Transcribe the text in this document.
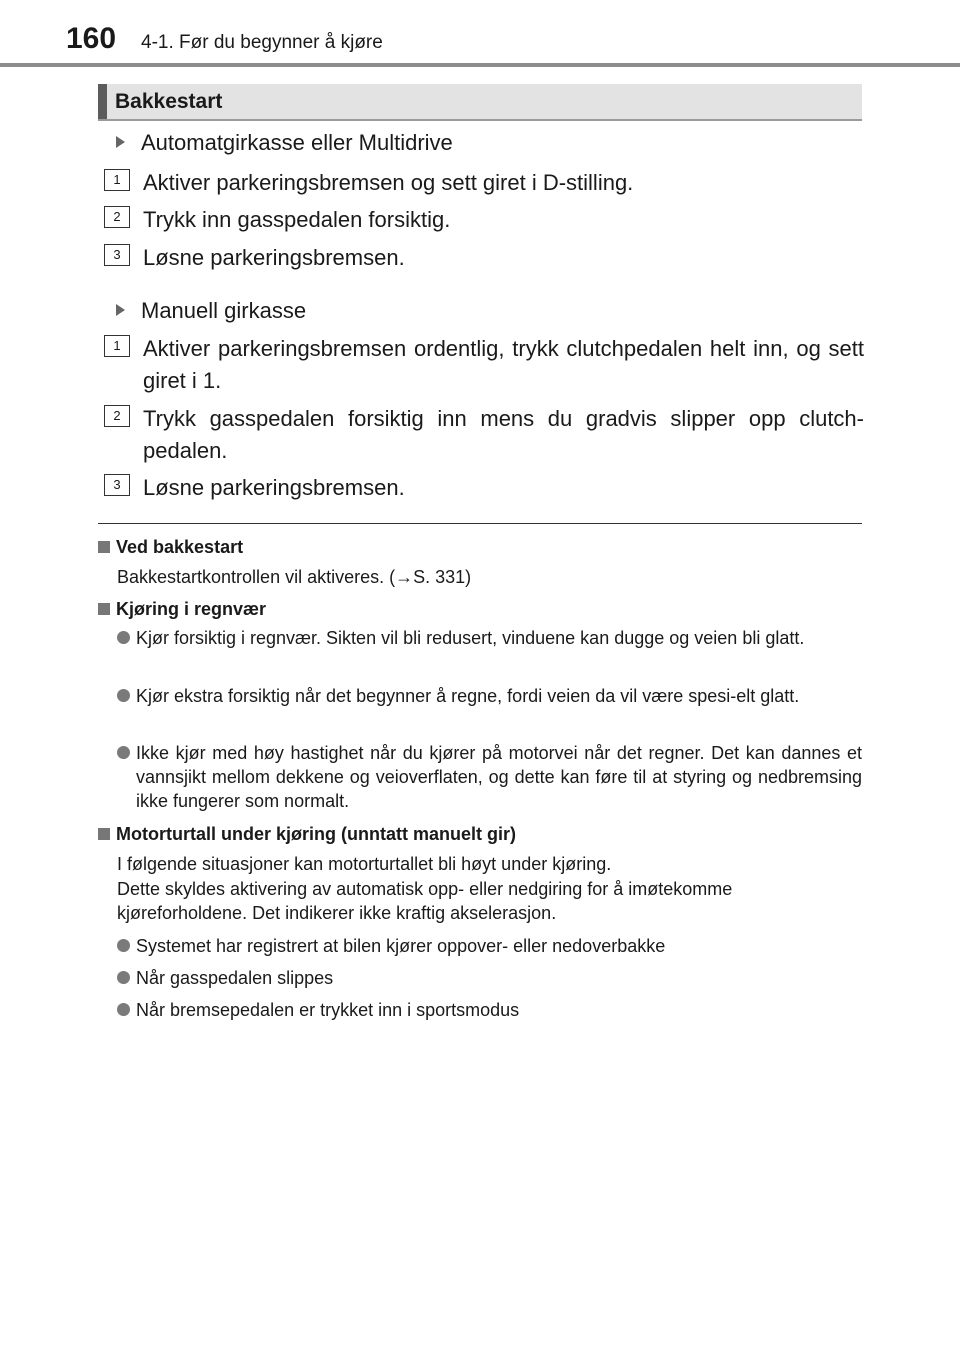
160 4-1. Før du begynner å kjøre
Bakkestart
Automatgirkasse eller Multidrive
1	Aktiver parkeringsbremsen og sett giret i D-stilling.
2	Trykk inn gasspedalen forsiktig.
3	Løsne parkeringsbremsen.
Manuell girkasse
1	Aktiver parkeringsbremsen ordentlig, trykk clutchpedalen helt inn, og sett giret i 1.
2	Trykk gasspedalen forsiktig inn mens du gradvis slipper opp clutch-pedalen.
3	Løsne parkeringsbremsen.
Ved bakkestart
Bakkestartkontrollen vil aktiveres. (→S. 331)
Kjøring i regnvær
Kjør forsiktig i regnvær. Sikten vil bli redusert, vinduene kan dugge og veien bli glatt.
Kjør ekstra forsiktig når det begynner å regne, fordi veien da vil være spesi-elt glatt.
Ikke kjør med høy hastighet når du kjører på motorvei når det regner. Det kan dannes et vannsjikt mellom dekkene og veioverflaten, og dette kan føre til at styring og nedbremsing ikke fungerer som normalt.
Motorturtall under kjøring (unntatt manuelt gir)
I følgende situasjoner kan motorturtallet bli høyt under kjøring.
Dette skyldes aktivering av automatisk opp- eller nedgiring for å imøtekomme kjøreforholdene. Det indikerer ikke kraftig akselerasjon.
Systemet har registrert at bilen kjører oppover- eller nedoverbakke
Når gasspedalen slippes
Når bremsepedalen er trykket inn i sportsmodus
